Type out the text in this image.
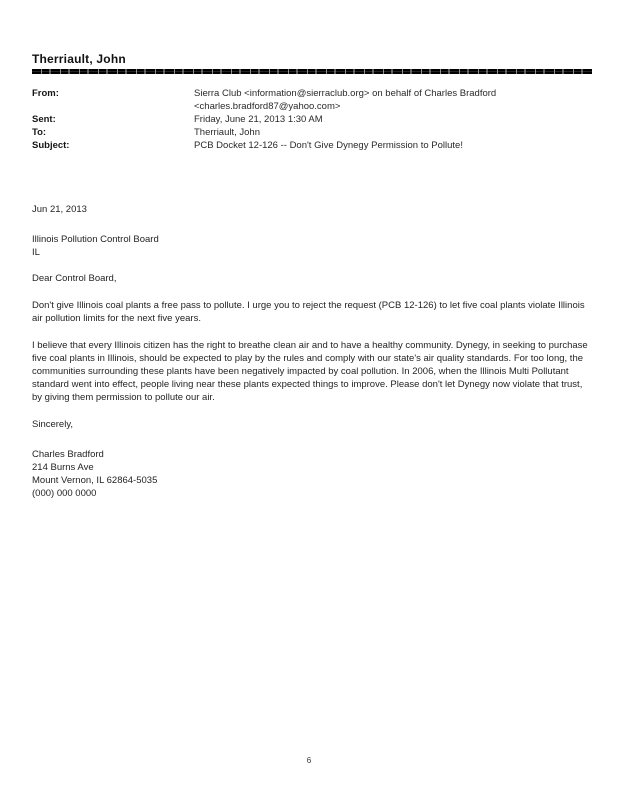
Therriault, John
From:	Sierra Club <information@sierraclub.org> on behalf of Charles Bradford
<charles.bradford87@yahoo.com>
Sent:	Friday, June 21, 2013 1:30 AM
To:	Therriault, John
Subject:	PCB Docket 12-126 -- Don't Give Dynegy Permission to Pollute!
Jun 21, 2013
Illinois Pollution Control Board
IL
Dear Control Board,
Don't give Illinois coal plants a free pass to pollute. I urge you to reject the request (PCB 12-126) to let five coal plants violate Illinois air pollution limits for the next five years.
I believe that every Illinois citizen has the right to breathe clean air and to have a healthy community. Dynegy, in seeking to purchase five coal plants in Illinois, should be expected to play by the rules and comply with our state's air quality standards. For too long, the communities surrounding these plants have been negatively impacted by coal pollution. In 2006, when the Illinois Multi Pollutant standard went into effect, people living near these plants expected things to improve. Please don't let Dynegy now violate that trust, by giving them permission to pollute our air.
Sincerely,
Charles Bradford
214 Burns Ave
Mount Vernon, IL 62864-5035
(000) 000 0000
6
